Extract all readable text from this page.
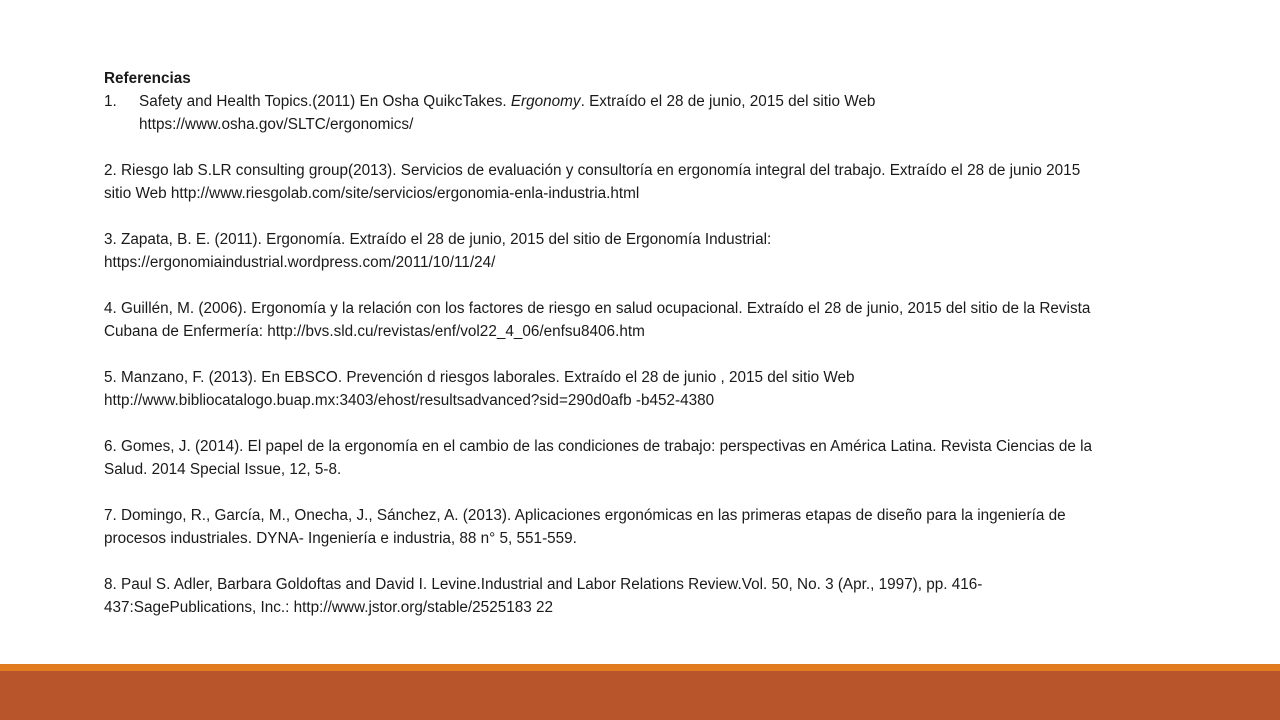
Referencias

1. Safety and Health Topics.(2011) En Osha QuikcTakes. Ergonomy. Extraído el 28 de junio, 2015 del sitio Web
https://www.osha.gov/SLTC/ergonomics/

2. Riesgo lab S.LR consulting group(2013). Servicios de evaluación y consultoría en ergonomía integral del trabajo. Extraído el 28 de junio 2015
sitio Web http://www.riesgolab.com/site/servicios/ergonomia-enla-industria.html

3. Zapata, B. E. (2011). Ergonomía. Extraído el 28 de junio, 2015 del sitio de Ergonomía Industrial:
https://ergonomiaindustrial.wordpress.com/2011/10/11/24/

4. Guillén, M. (2006). Ergonomía y la relación con los factores de riesgo en salud ocupacional. Extraído el 28 de junio, 2015 del sitio de la Revista
Cubana de Enfermería: http://bvs.sld.cu/revistas/enf/vol22_4_06/enfsu8406.htm

5. Manzano, F. (2013). En EBSCO. Prevención d riesgos laborales. Extraído el 28 de junio , 2015 del sitio Web
http://www.bibliocatalogo.buap.mx:3403/ehost/resultsadvanced?sid=290d0afb -b452-4380

6. Gomes, J. (2014). El papel de la ergonomía en el cambio de las condiciones de trabajo: perspectivas en América Latina. Revista Ciencias de la
Salud. 2014 Special Issue, 12, 5-8.

7. Domingo, R., García, M., Onecha, J., Sánchez, A. (2013). Aplicaciones ergonómicas en las primeras etapas de diseño para la ingeniería de
procesos industriales. DYNA- Ingeniería e industria, 88 n° 5, 551-559.

8. Paul S. Adler, Barbara Goldoftas and David I. Levine.Industrial and Labor Relations Review.Vol. 50, No. 3 (Apr., 1997), pp. 416-
437:SagePublications, Inc.: http://www.jstor.org/stable/2525183 22
